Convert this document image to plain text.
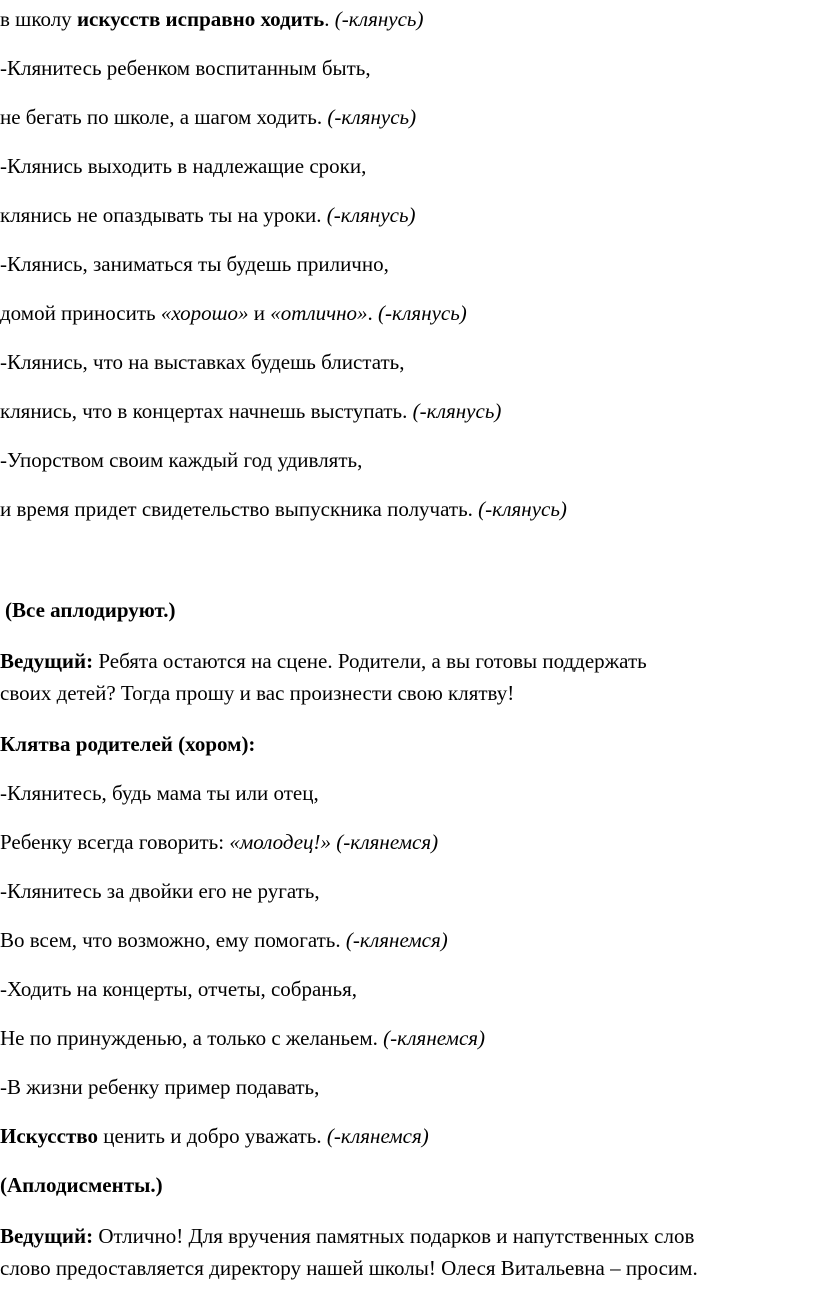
в школу искусств исправно ходить. (-клянусь)
-Клянитесь ребенком воспитанным быть,
не бегать по школе, а шагом ходить. (-клянусь)
-Клянись выходить в надлежащие сроки,
клянись не опаздывать ты на уроки. (-клянусь)
-Клянись, заниматься ты будешь прилично,
домой приносить «хорошо» и «отлично». (-клянусь)
-Клянись, что на выставках будешь блистать,
клянись, что в концертах начнешь выступать. (-клянусь)
-Упорством своим каждый год удивлять,
и время придет свидетельство выпускника получать. (-клянусь)
(Все аплодируют.)
Ведущий: Ребята остаются на сцене. Родители, а вы готовы поддержать
своих детей? Тогда прошу и вас произнести свою клятву!
Клятва родителей (хором):
-Клянитесь, будь мама ты или отец,
Ребенку всегда говорить: «молодец!» (-клянемся)
-Клянитесь за двойки его не ругать,
Во всем, что возможно, ему помогать. (-клянемся)
-Ходить на концерты, отчеты, собранья,
Не по принужденью, а только с желаньем. (-клянемся)
-В жизни ребенку пример подавать,
Искусство ценить и добро уважать. (-клянемся)
(Аплодисменты.)
Ведущий: Отлично! Для вручения памятных подарков и напутственных слов
слово предоставляется директору нашей школы! Олеся Витальевна – просим.
